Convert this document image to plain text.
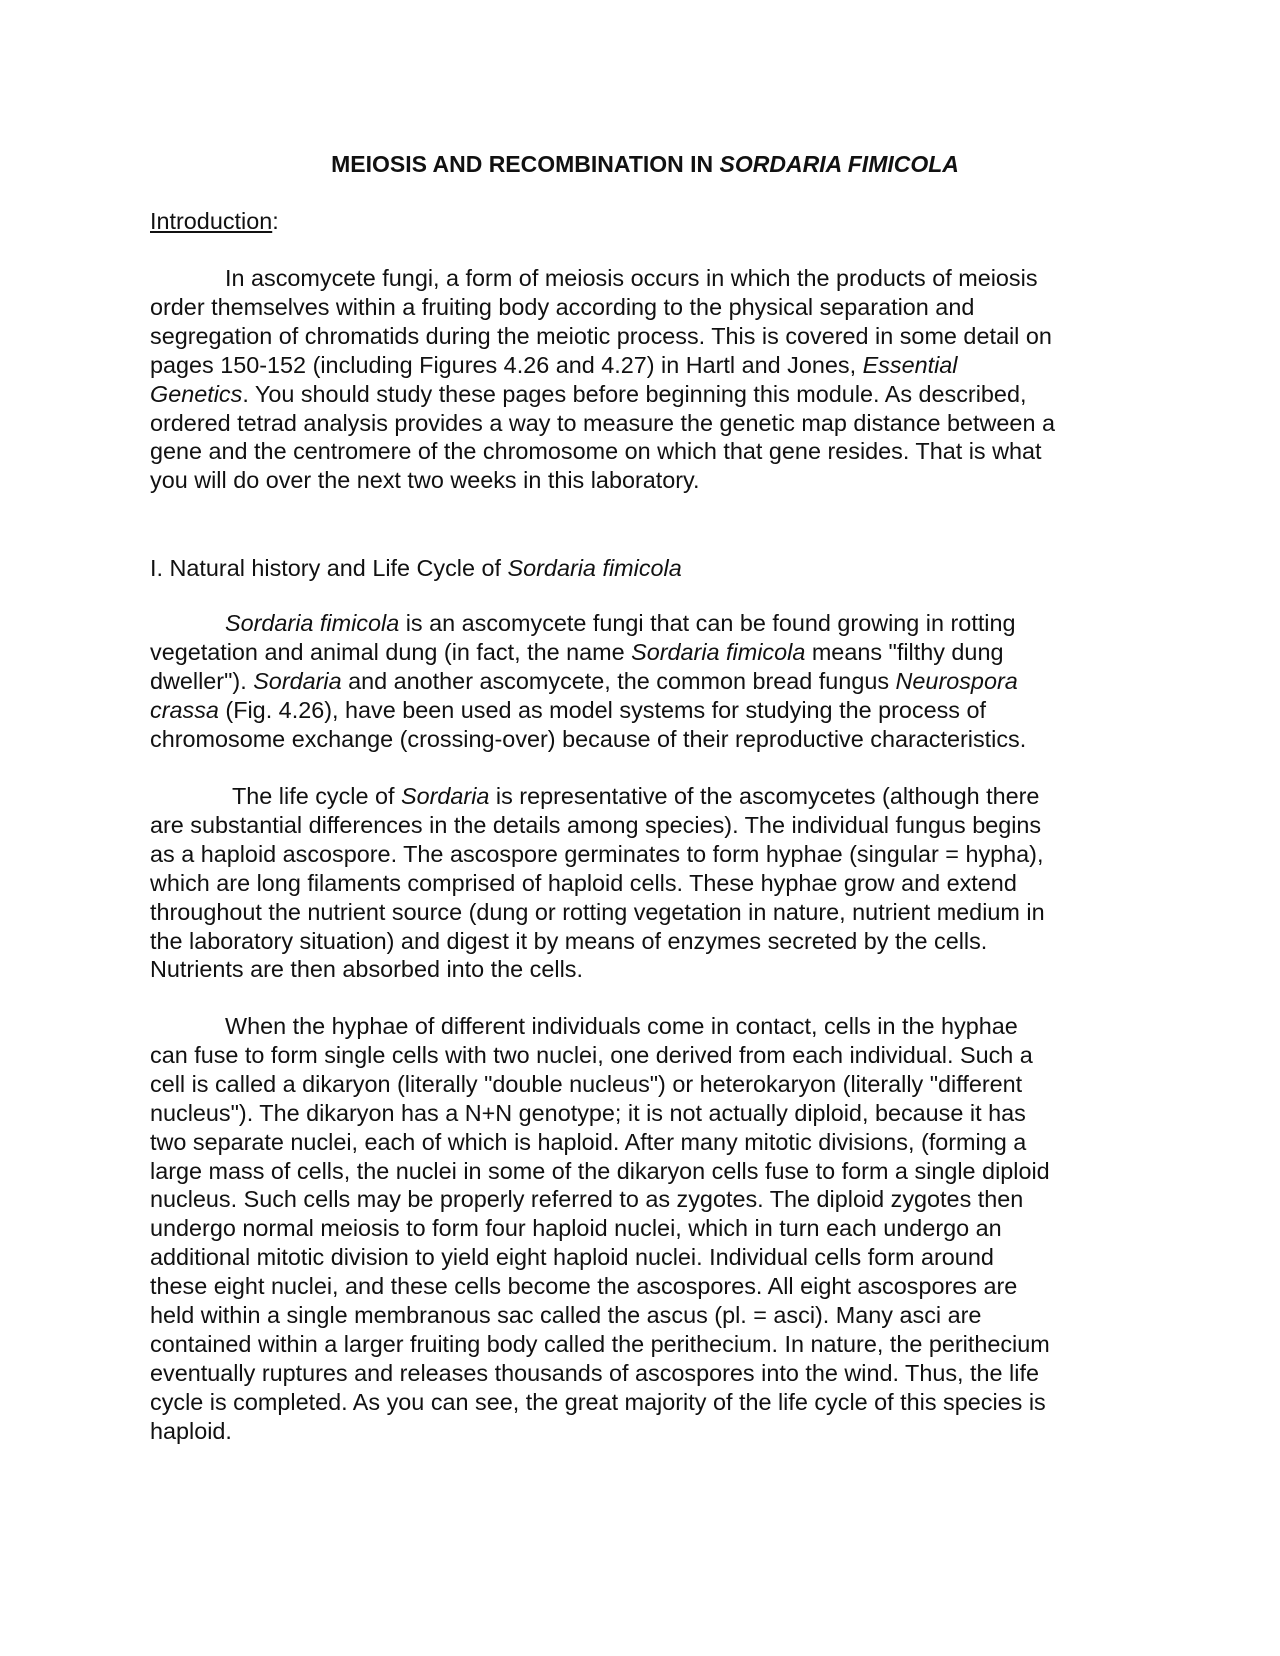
MEIOSIS AND RECOMBINATION IN SORDARIA FIMICOLA

Introduction:

In ascomycete fungi, a form of meiosis occurs in which the products of meiosis
order themselves within a fruiting body according to the physical separation and
segregation of chromatids during the meiotic process. This is covered in some detail on
pages 150-152 (including Figures 4.26 and 4.27) in Hartl and Jones, Essential
Genetics. You should study these pages before beginning this module. As described,
ordered tetrad analysis provides a way to measure the genetic map distance between a
gene and the centromere of the chromosome on which that gene resides. That is what
you will do over the next two weeks in this laboratory.

I. Natural history and Life Cycle of Sordaria fimicola

Sordaria fimicola is an ascomycete fungi that can be found growing in rotting
vegetation and animal dung (in fact, the name Sordaria fimicola means "filthy dung
dweller"). Sordaria and another ascomycete, the common bread fungus Neurospora
crassa (Fig. 4.26), have been used as model systems for studying the process of
chromosome exchange (crossing-over) because of their reproductive characteristics.
The life cycle of Sordaria is representative of the ascomycetes (although there
are substantial differences in the details among species). The individual fungus begins
as a haploid ascospore. The ascospore germinates to form hyphae (singular = hypha),
which are long filaments comprised of haploid cells. These hyphae grow and extend
throughout the nutrient source (dung or rotting vegetation in nature, nutrient medium in
the laboratory situation) and digest it by means of enzymes secreted by the cells.
Nutrients are then absorbed into the cells.
When the hyphae of different individuals come in contact, cells in the hyphae
can fuse to form single cells with two nuclei, one derived from each individual. Such a
cell is called a dikaryon (literally "double nucleus") or heterokaryon (literally "different
nucleus"). The dikaryon has a N+N genotype; it is not actually diploid, because it has
two separate nuclei, each of which is haploid. After many mitotic divisions, (forming a
large mass of cells, the nuclei in some of the dikaryon cells fuse to form a single diploid
nucleus. Such cells may be properly referred to as zygotes. The diploid zygotes then
undergo normal meiosis to form four haploid nuclei, which in turn each undergo an
additional mitotic division to yield eight haploid nuclei. Individual cells form around
these eight nuclei, and these cells become the ascospores. All eight ascospores are
held within a single membranous sac called the ascus (pl. = asci). Many asci are
contained within a larger fruiting body called the perithecium. In nature, the perithecium
eventually ruptures and releases thousands of ascospores into the wind. Thus, the life
cycle is completed. As you can see, the great majority of the life cycle of this species is
haploid.
